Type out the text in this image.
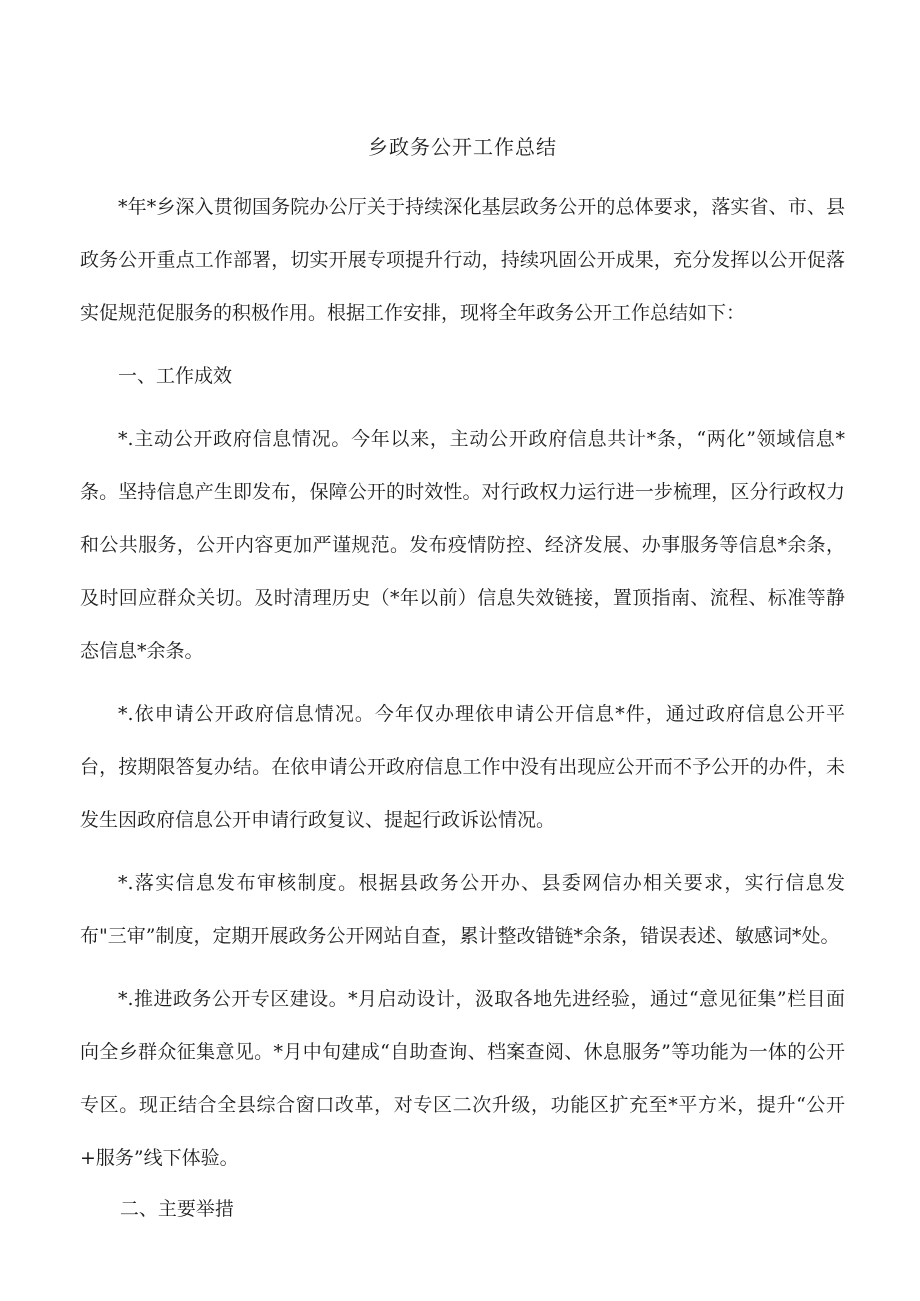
乡政务公开工作总结

*年*乡深入贯彻国务院办公厅关于持续深化基层政务公开的总体要求，落实省、市、县政务公开重点工作部署，切实开展专项提升行动，持续巩固公开成果，充分发挥以公开促落实促规范促服务的积极作用。根据工作安排，现将全年政务公开工作总结如下：

一、工作成效

*.主动公开政府信息情况。今年以来，主动公开政府信息共计*条，“两化”领域信息*条。坚持信息产生即发布，保障公开的时效性。对行政权力运行进一步梳理，区分行政权力和公共服务，公开内容更加严谨规范。发布疫情防控、经济发展、办事服务等信息*余条，及时回应群众关切。及时清理历史（*年以前）信息失效链接，置顶指南、流程、标准等静态信息*余条。

*.依申请公开政府信息情况。今年仅办理依申请公开信息*件，通过政府信息公开平台，按期限答复办结。在依申请公开政府信息工作中没有出现应公开而不予公开的办件，未发生因政府信息公开申请行政复议、提起行政诉讼情况。

*.落实信息发布审核制度。根据县政务公开办、县委网信办相关要求，实行信息发布"三审”制度，定期开展政务公开网站自查，累计整改错链*余条，错误表述、敏感词*处。

*.推进政务公开专区建设。*月启动设计，汲取各地先进经验，通过“意见征集”栏目面向全乡群众征集意见。*月中旬建成“自助查询、档案查阅、休息服务”等功能为一体的公开专区。现正结合全县综合窗口改革，对专区二次升级，功能区扩充至*平方米，提升“公开+服务”线下体验。

二、主要举措
